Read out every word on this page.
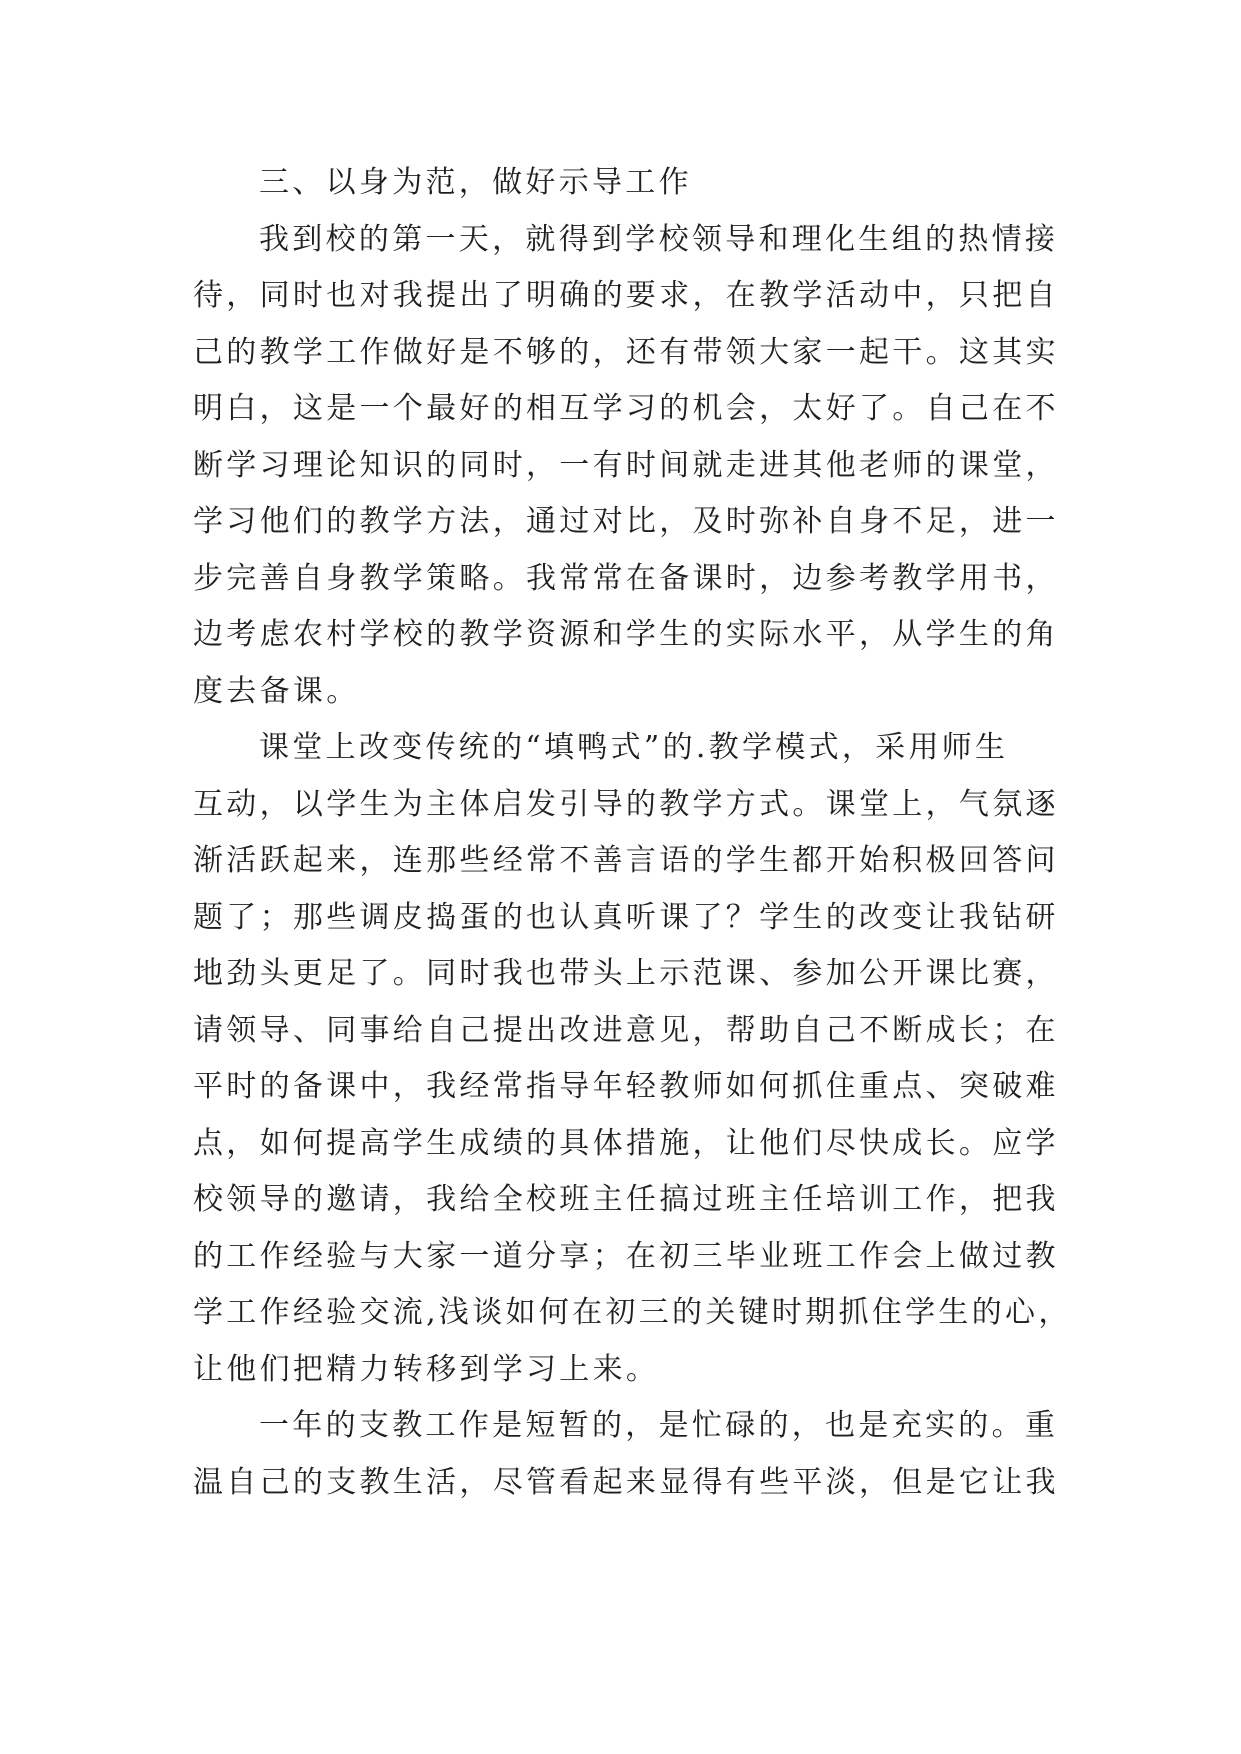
三、以身为范，做好示导工作
我到校的第一天，就得到学校领导和理化生组的热情接
待，同时也对我提出了明确的要求，在教学活动中，只把自
己的教学工作做好是不够的，还有带领大家一起干。这其实
明白，这是一个最好的相互学习的机会，太好了。自己在不
断学习理论知识的同时，一有时间就走进其他老师的课堂，
学习他们的教学方法，通过对比，及时弥补自身不足，进一
步完善自身教学策略。我常常在备课时，边参考教学用书，
边考虑农村学校的教学资源和学生的实际水平，从学生的角
度去备课。
课堂上改变传统的“填鸭式”的.教学模式，采用师生
互动，以学生为主体启发引导的教学方式。课堂上，气氛逐
渐活跃起来，连那些经常不善言语的学生都开始积极回答问
题了；那些调皮捣蛋的也认真听课了？学生的改变让我钻研
地劲头更足了。同时我也带头上示范课、参加公开课比赛，
请领导、同事给自己提出改进意见，帮助自己不断成长；在
平时的备课中，我经常指导年轻教师如何抓住重点、突破难
点，如何提高学生成绩的具体措施，让他们尽快成长。应学
校领导的邀请，我给全校班主任搞过班主任培训工作，把我
的工作经验与大家一道分享；在初三毕业班工作会上做过教
学工作经验交流,浅谈如何在初三的关键时期抓住学生的心，
让他们把精力转移到学习上来。
一年的支教工作是短暂的，是忙碌的，也是充实的。重
温自己的支教生活，尽管看起来显得有些平淡，但是它让我
